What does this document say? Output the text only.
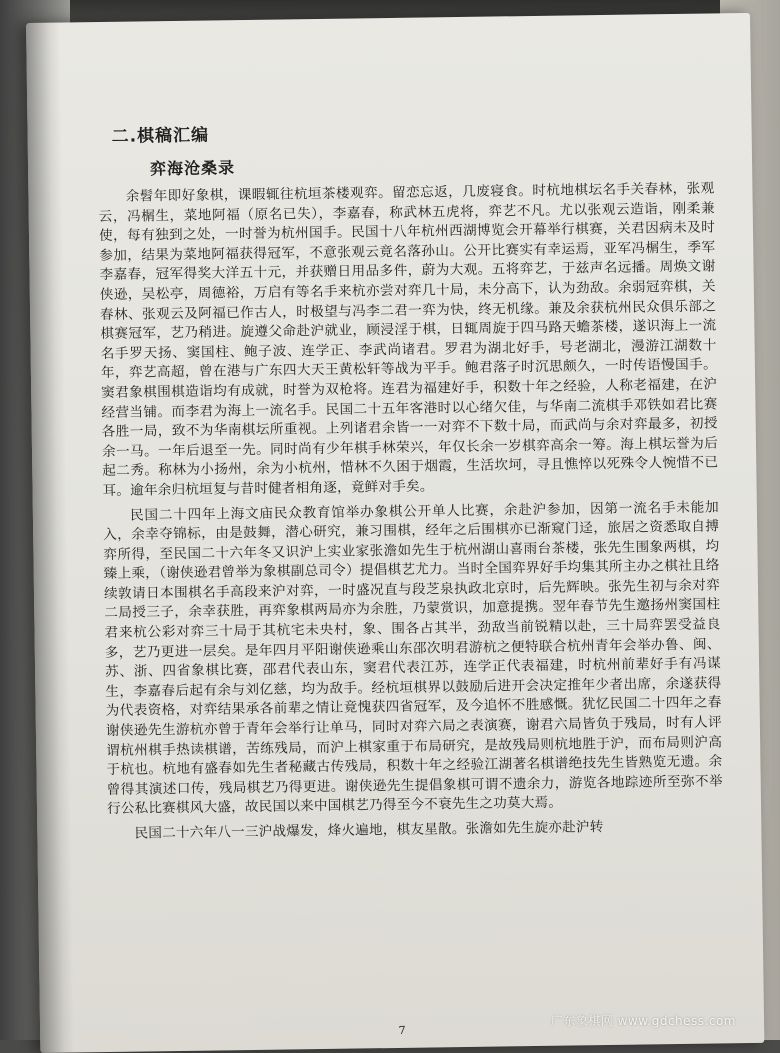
二.棋稿汇编
弈海沧桑录

余髫年即好象棋，课暇辄往杭垣茶楼观弈。留恋忘返，几废寝食。时杭地棋坛名手关春林，张观云，冯榍生，菜地阿福（原名已失），李嘉春，称武林五虎将，弈艺不凡。尤以张观云造诣，刚柔兼使，每有独到之处，一时誉为杭州国手。民国十八年杭州西湖博览会开幕举行棋赛，关君因病未及时参加，结果为菜地阿福获得冠军，不意张观云竟名落孙山。公开比赛实有幸运焉，亚军冯榍生，季军李嘉春，冠军得奖大洋五十元，并获赠日用品多件，蔚为大观。五将弈艺，于兹声名远播。周焕文谢侠逊，吴松亭，周德裕，万启有等名手来杭亦尝对弈几十局，未分高下，认为劲敌。余弱冠弈棋，关春林、张观云及阿福已作古人，时极望与冯李二君一弈为快，终无机缘。兼及余获杭州民众俱乐部之棋赛冠军，艺乃稍进。旋遵父命赴沪就业，顾浸淫于棋，日辄周旋于四马路天蟾茶楼，遂识海上一流名手罗天扬、窦国柱、鲍子波、连学正、李武尚诸君。罗君为湖北好手，号老湖北，漫游江湖数十年，弈艺高超，曾在港与广东四大天王黄松轩等战为平手。鲍君落子时沉思颇久，一时传语慢国手。窦君象棋围棋造诣均有成就，时誉为双枪将。连君为福建好手，积数十年之经验，人称老福建，在沪经营当铺。而李君为海上一流名手。民国二十五年客港时以心绪欠佳，与华南二流棋手邓铁如君比赛各胜一局，致不为华南棋坛所重视。上列诸君余皆一一对弈不下数十局，而武尚与余对弈最多，初授余一马。一年后退至一先。同时尚有少年棋手林荣兴，年仅长余一岁棋弈高余一筹。海上棋坛誉为后起二秀。称林为小扬州，余为小杭州，惜林不久困于烟霞，生活坎坷，寻且憔悴以死殊令人惋惜不已耳。逾年余归杭垣复与昔时健者相角逐，竟鲜对手矣。

民国二十四年上海文庙民众教育馆举办象棋公开单人比赛，余赴沪参加，因第一流名手未能加入，余幸夺锦标，由是鼓舞，潜心研究，兼习围棋，经年之后围棋亦已渐窥门迳，旅居之资悉取自搏弈所得，至民国二十六年冬又识沪上实业家张澹如先生于杭州湖山喜雨台茶楼，张先生围象两棋，均臻上乘，（谢侠逊君曾举为象棋副总司令）提倡棋艺尤力。当时全国弈界好手均集其所主办之棋社且络续敦请日本围棋名手高段来沪对弈，一时盛况直与段芝泉执政北京时，后先辉映。张先生初与余对弈二局授三子，余幸获胜，再弈象棋两局亦为余胜，乃蒙赏识，加意提携。翌年春节先生邀扬州窦国柱君来杭公彩对弈三十局于其杭宅未央村，象、围各占其半，劲敌当前锐精以赴，三十局弈罢受益良多，艺乃更进一层矣。是年四月平阳谢侠逊乘山东邵次明君游杭之便特联合杭州青年会举办鲁、闽、苏、浙、四省象棋比赛，邵君代表山东，窦君代表江苏，连学正代表福建，时杭州前辈好手有冯谋生，李嘉春后起有余与刘亿慈，均为敌手。经杭垣棋界以鼓励后进开会决定推年少者出席，余遂获得为代表资格，对弈结果承各前辈之情让竟愧获四省冠军，及今追怀不胜感慨。犹忆民国二十四年之春谢侠逊先生游杭亦曾于青年会举行让单马，同时对弈六局之表演赛，谢君六局皆负于残局，时有人评谓杭州棋手热读棋谱，苦练残局，而沪上棋家重于布局研究，是故残局则杭地胜于沪，而布局则沪高于杭也。杭地有盛春如先生者秘藏古传残局，积数十年之经验江湖著名棋谱绝技先生皆熟览无遗。余曾得其演述口传，残局棋艺乃得更进。谢侠逊先生提倡象棋可谓不遗余力，游览各地踪迹所至弥不举行公私比赛棋风大盛，故民国以来中国棋艺乃得至今不衰先生之功莫大焉。

民国二十六年八一三沪战爆发，烽火遍地，棋友星散。张澹如先生旋亦赴沪转

7
广东象棋网 www.gdchess.com
